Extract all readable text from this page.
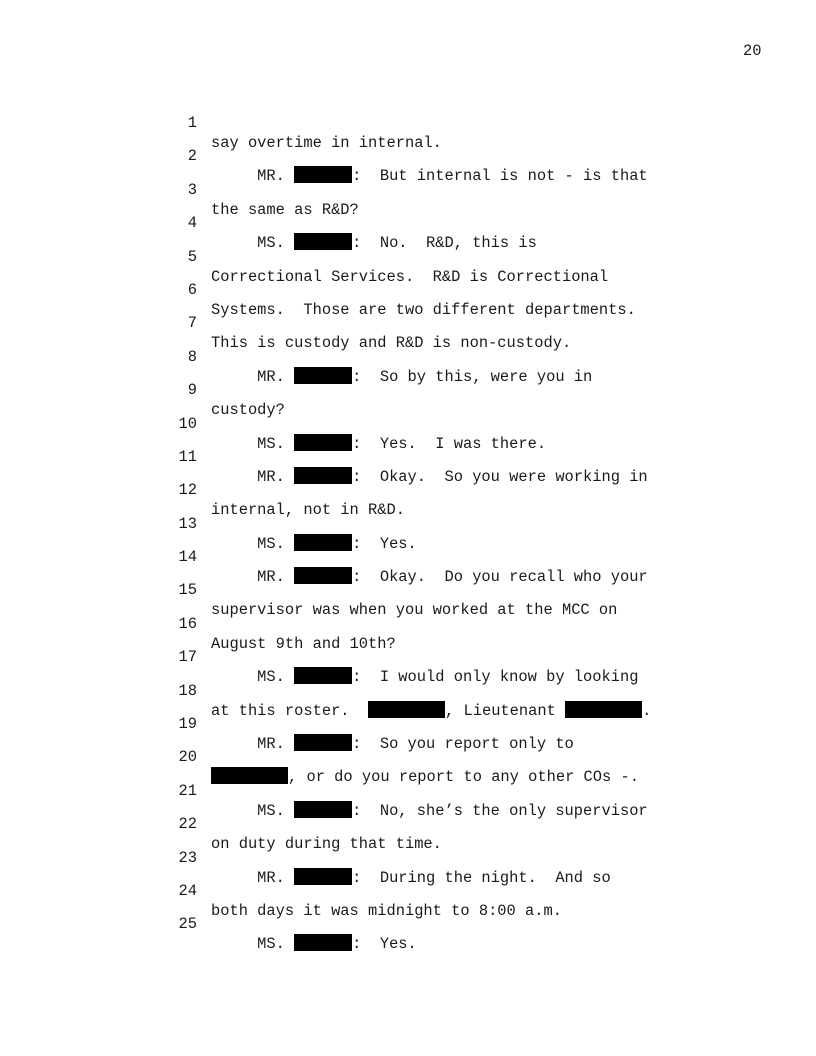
20

1

say overtime in internal.

2

MR.	:  But internal is not - is that

3

the same as R&D?

4

MS.	:  No.  R&D, this is

5

Correctional Services.  R&D is Correctional

6

Systems.  Those are two different departments.

7

This is custody and R&D is non-custody.

8

MR.	:  So by this, were you in

9

custody?

10

MS.	:  Yes.  I was there.

11

MR.	:  Okay.  So you were working in

12

internal, not in R&D.

13

MS.	:  Yes.

14

MR.	:  Okay.  Do you recall who your

15

supervisor was when you worked at the MCC on

16

August 9th and 10th?

17

MS.	:  I would only know by looking

18

at this roster.	, Lieutenant	.

19

MR.	:  So you report only to

20

, or do you report to any other COs -.

21

MS.	:  No, she’s the only supervisor

22

on duty during that time.

23

MR.	:  During the night.  And so

24

both days it was midnight to 8:00 a.m.

25

MS.	:  Yes.
